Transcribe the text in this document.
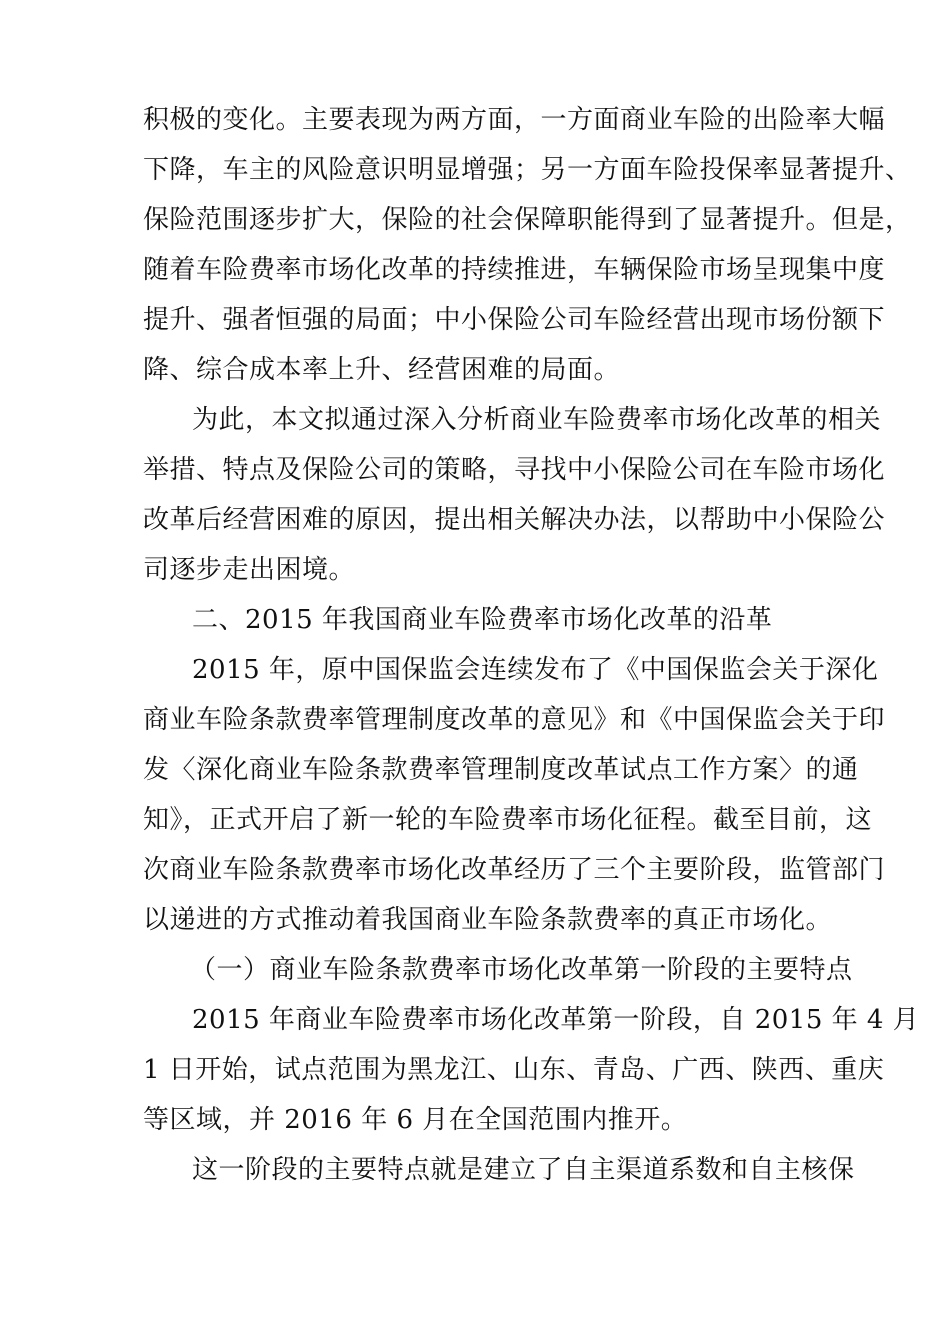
积极的变化。主要表现为两方面，一方面商业车险的出险率大幅
下降，车主的风险意识明显增强；另一方面车险投保率显著提升、
保险范围逐步扩大，保险的社会保障职能得到了显著提升。但是，
随着车险费率市场化改革的持续推进，车辆保险市场呈现集中度
提升、强者恒强的局面；中小保险公司车险经营出现市场份额下
降、综合成本率上升、经营困难的局面。
为此，本文拟通过深入分析商业车险费率市场化改革的相关
举措、特点及保险公司的策略，寻找中小保险公司在车险市场化
改革后经营困难的原因，提出相关解决办法，以帮助中小保险公
司逐步走出困境。
二、2015 年我国商业车险费率市场化改革的沿革
2015 年，原中国保监会连续发布了《中国保监会关于深化
商业车险条款费率管理制度改革的意见》和《中国保监会关于印
发〈深化商业车险条款费率管理制度改革试点工作方案〉的通
知》，正式开启了新一轮的车险费率市场化征程。截至目前，这
次商业车险条款费率市场化改革经历了三个主要阶段，监管部门
以递进的方式推动着我国商业车险条款费率的真正市场化。
（一）商业车险条款费率市场化改革第一阶段的主要特点
2015 年商业车险费率市场化改革第一阶段，自 2015 年 4 月
1 日开始，试点范围为黑龙江、山东、青岛、广西、陕西、重庆
等区域，并 2016 年 6 月在全国范围内推开。
这一阶段的主要特点就是建立了自主渠道系数和自主核保
